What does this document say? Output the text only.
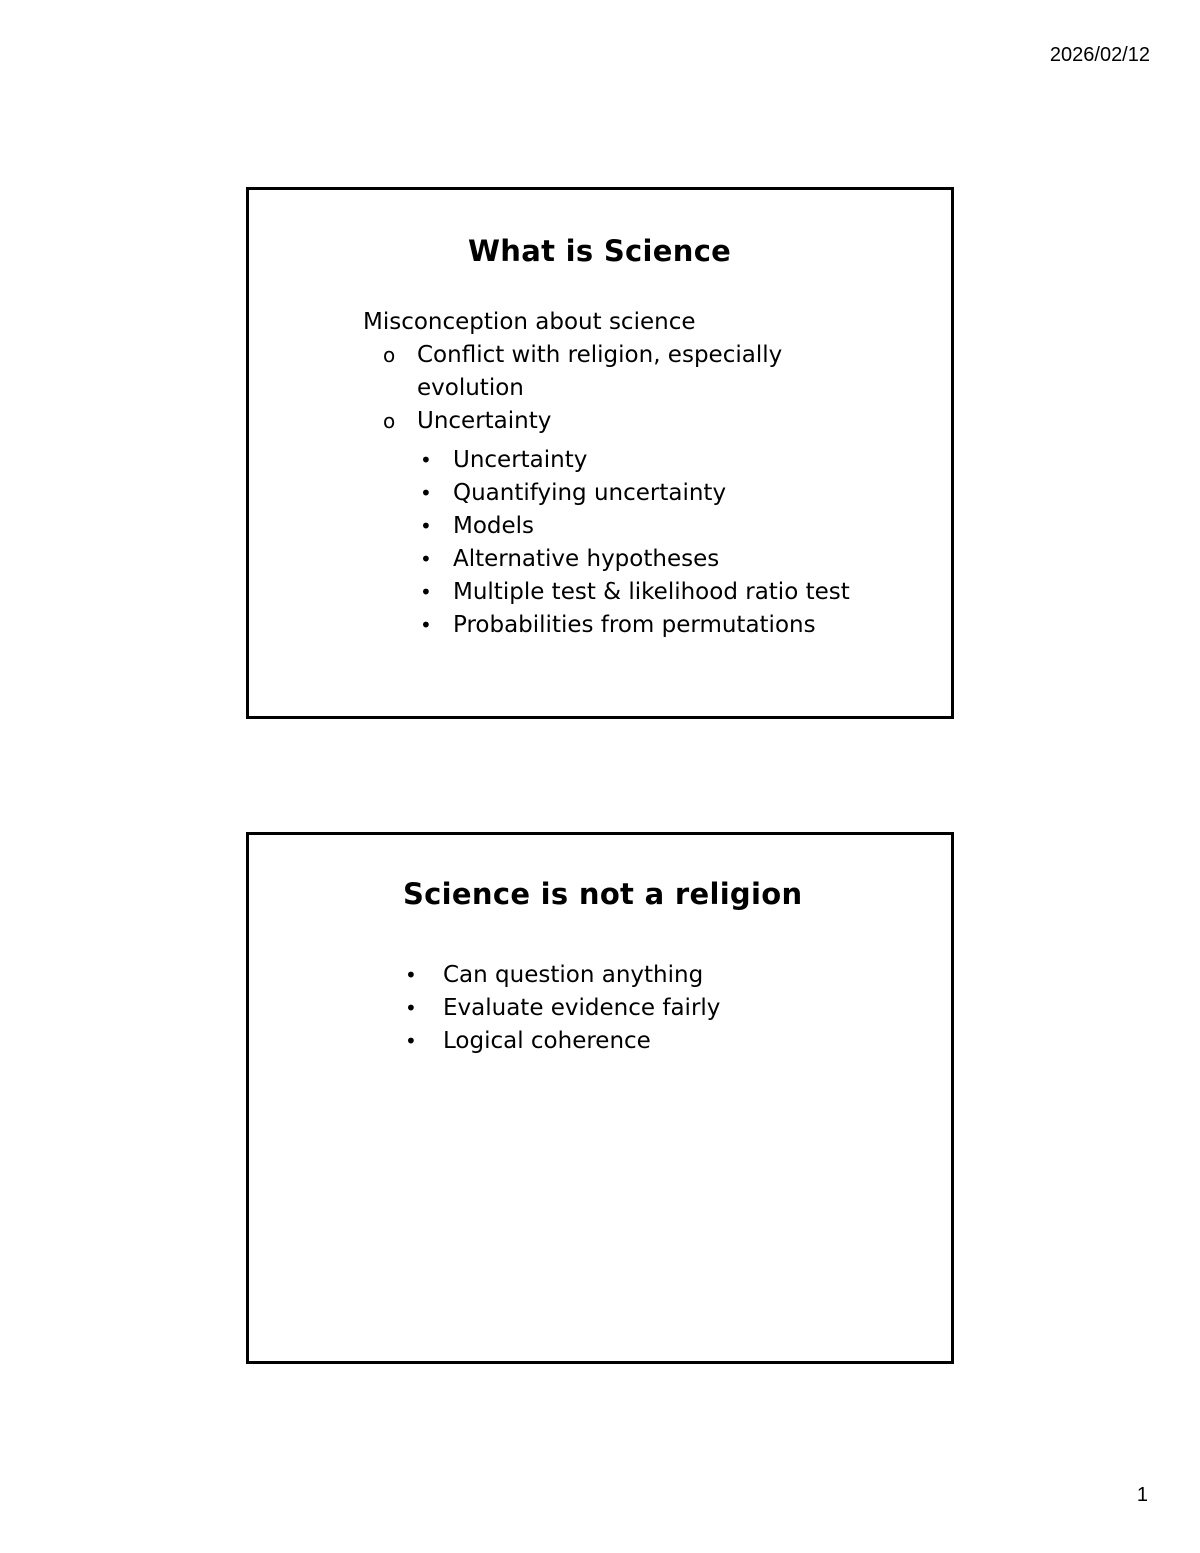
2026/02/12
What is Science
Misconception about science
o Conflict with religion, especially
evolution
o Uncertainty
• Uncertainty
• Quantifying uncertainty
• Models
• Alternative hypotheses
• Multiple test & likelihood ratio test
• Probabilities from permutations
Science is not a religion
• Can question anything
• Evaluate evidence fairly
• Logical coherence
1
